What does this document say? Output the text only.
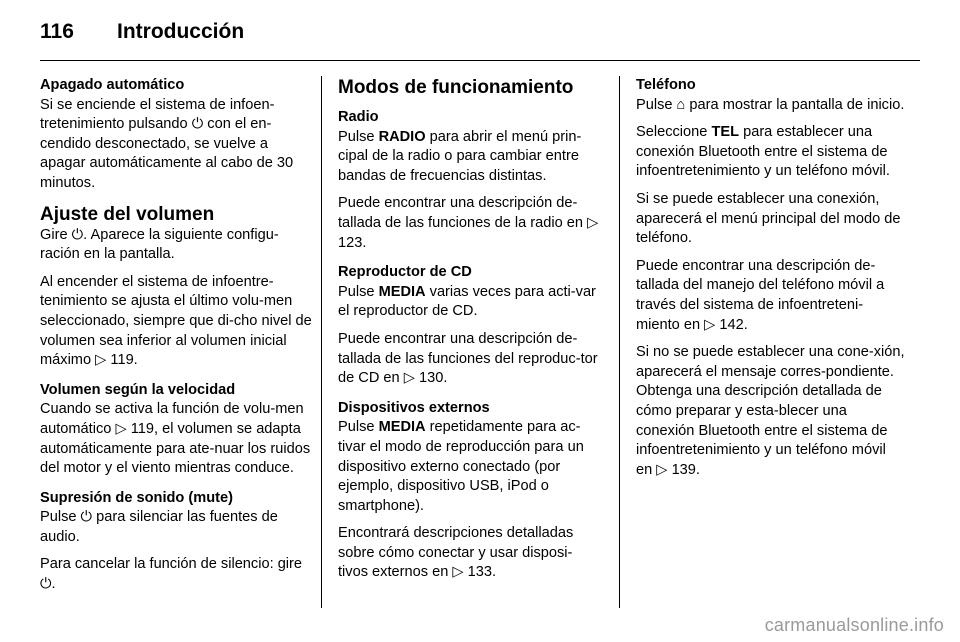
116 Introducción
Apagado automático

Si se enciende el sistema de infoen-tretenimiento pulsando ⏻ con el en-cendido desconectado, se vuelve a apagar automáticamente al cabo de 30 minutos.

Ajuste del volumen

Gire ⏻. Aparece la siguiente configu-ración en la pantalla.

Al encender el sistema de infoentre-tenimiento se ajusta el último volu-men seleccionado, siempre que di-cho nivel de volumen sea inferior al volumen inicial máximo ▷ 119.

Volumen según la velocidad

Cuando se activa la función de volu-men automático ▷ 119, el volumen se adapta automáticamente para ate-nuar los ruidos del motor y el viento mientras conduce.

Supresión de sonido (mute)

Pulse ⏻ para silenciar las fuentes de audio.

Para cancelar la función de silencio: gire ⏻.

Modos de funcionamiento
Radio

Pulse RADIO para abrir el menú prin-cipal de la radio o para cambiar entre bandas de frecuencias distintas.

Puede encontrar una descripción de-tallada de las funciones de la radio en ▷ 123.

Reproductor de CD

Pulse MEDIA varias veces para acti-var el reproductor de CD.

Puede encontrar una descripción de-tallada de las funciones del reproduc-tor de CD en ▷ 130.

Dispositivos externos

Pulse MEDIA repetidamente para ac-tivar el modo de reproducción para un dispositivo externo conectado (por ejemplo, dispositivo USB, iPod o smartphone).

Encontrará descripciones detalladas sobre cómo conectar y usar disposi-tivos externos en ▷ 133.

Teléfono

Pulse ⌂ para mostrar la pantalla de inicio.

Seleccione TEL para establecer una conexión Bluetooth entre el sistema de infoentretenimiento y un teléfono móvil.

Si se puede establecer una conexión, aparecerá el menú principal del modo de teléfono.

Puede encontrar una descripción de-tallada del manejo del teléfono móvil a través del sistema de infoentreteni-miento en ▷ 142.

Si no se puede establecer una cone-xión, aparecerá el mensaje corres-pondiente. Obtenga una descripción detallada de cómo preparar y esta-blecer una conexión Bluetooth entre el sistema de infoentretenimiento y un teléfono móvil en ▷ 139.

carmanualsonline.info
